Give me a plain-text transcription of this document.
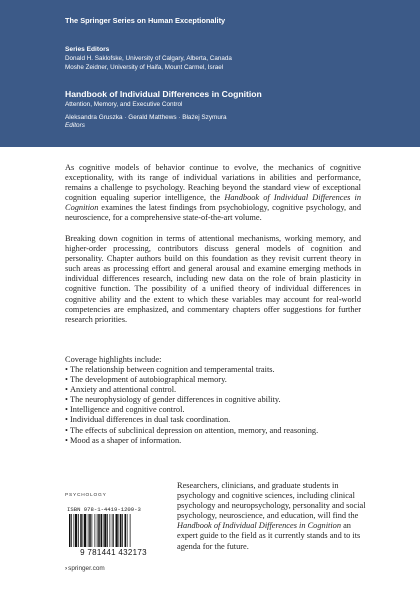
The Springer Series on Human Exceptionality
Series Editors
Donald H. Saklofske, University of Calgary, Alberta, Canada
Moshe Zeidner, University of Haifa, Mount Carmel, Israel
Handbook of Individual Differences in Cognition
Attention, Memory, and Executive Control
Aleksandra Gruszka · Gerald Matthews · Błażej Szymura
Editors

As cognitive models of behavior continue to evolve, the mechanics of cognitive exceptionality, with its range of individual variations in abilities and performance, remains a challenge to psychology. Reaching beyond the standard view of exceptional cognition equaling superior intelligence, the Handbook of Individual Differences in Cognition examines the latest findings from psychobiology, cognitive psychology, and neuroscience, for a comprehensive state-of-the-art volume.

Breaking down cognition in terms of attentional mechanisms, working memory, and higher-order processing, contributors discuss general models of cognition and personality. Chapter authors build on this foundation as they revisit current theory in such areas as processing effort and general arousal and examine emerging methods in individual differences research, including new data on the role of brain plasticity in cognitive function. The possibility of a unified theory of individual differences in cognitive ability and the extent to which these variables may account for real-world competencies are emphasized, and commentary chapters offer suggestions for further research priorities.

Coverage highlights include:
• The relationship between cognition and temperamental traits.
• The development of autobiographical memory.
• Anxiety and attentional control.
• The neurophysiology of gender differences in cognitive ability.
• Intelligence and cognitive control.
• Individual differences in dual task coordination.
• The effects of subclinical depression on attention, memory, and reasoning.
• Mood as a shaper of information.
PSYCHOLOGY
ISBN 978-1-4419-1209-3
9 781441 432173

Researchers, clinicians, and graduate students in psychology and cognitive sciences, including clinical psychology and neuropsychology, personality and social psychology, neuroscience, and education, will find the Handbook of Individual Differences in Cognition an expert guide to the field as it currently stands and to its agenda for the future.

›springer.com
